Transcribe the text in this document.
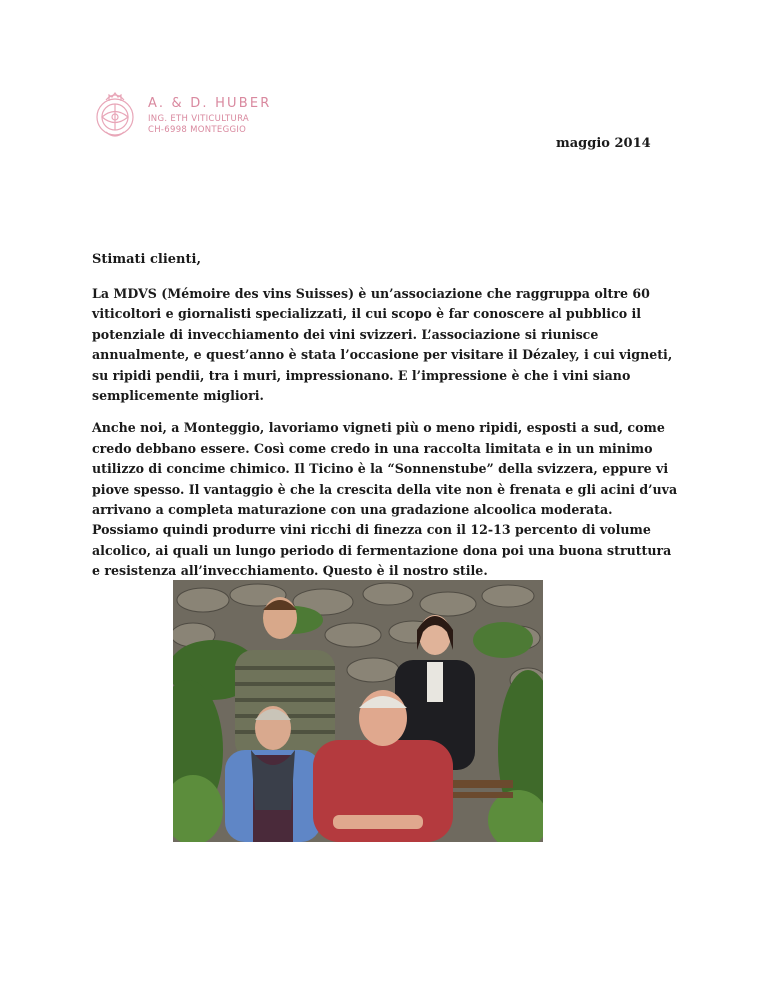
A. & D. HUBER
ING. ETH VITICULTURA
CH-6998 MONTEGGIO
maggio 2014

Stimati clienti,

La MDVS (Mémoire des vins Suisses) è un’associazione che raggruppa oltre 60 viticoltori e giornalisti specializzati, il cui scopo è far conoscere al pubblico il potenziale di invecchiamento dei vini svizzeri. L’associazione si riunisce annualmente, e quest’anno è stata l’occasione per visitare il Dézaley, i cui vigneti, su ripidi pendii, tra i muri, impressionano. E l’impressione è che i vini siano semplicemente migliori.

Anche noi, a Monteggio, lavoriamo vigneti più o meno ripidi, esposti a sud, come credo debbano essere. Così come credo in una raccolta limitata e in un minimo utilizzo di concime chimico. Il Ticino è la “Sonnenstube” della svizzera, eppure vi piove spesso. Il vantaggio è che la crescita della vite non è frenata e gli acini d’uva arrivano a completa maturazione con una gradazione alcoolica moderata. Possiamo quindi produrre vini ricchi di finezza con il 12-13 percento di volume alcolico, ai quali un lungo periodo di fermentazione dona poi una buona struttura e resistenza all’invecchiamento. Questo è il nostro stile.
